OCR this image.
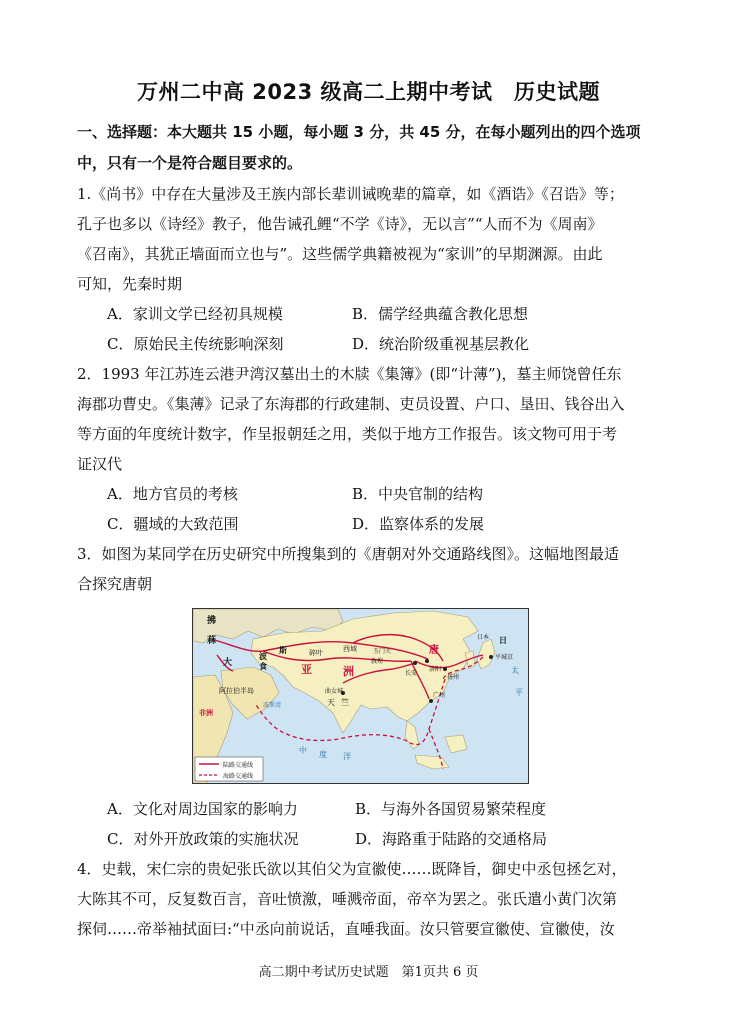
万州二中高 2023 级高二上期中考试　历史试题
一、选择题：本大题共 15 小题，每小题 3 分，共 45 分，在每小题列出的四个选项
中，只有一个是符合题目要求的。
1.《尚书》中存在大量涉及王族内部长辈训诫晚辈的篇章，如《酒诰》《召诰》等；
孔子也多以《诗经》教子，他告诫孔鲤“不学《诗》，无以言”“人而不为《周南》
《召南》，其犹正墙面而立也与”。这些儒学典籍被视为“家训”的早期渊源。由此
可知，先秦时期
A．家训文学已经初具规模	B．儒学经典蕴含教化思想
C．原始民主传统影响深刻	D．统治阶级重视基层教化
2．1993 年江苏连云港尹湾汉墓出土的木牍《集簿》(即“计薄”)，墓主师饶曾任东
海郡功曹史。《集薄》记录了东海郡的行政建制、吏员设置、户口、垦田、钱谷出入
等方面的年度统计数字，作呈报朝廷之用，类似于地方工作报告。该文物可用于考
证汉代
A．地方官员的考核	B．中央官制的结构
C．疆域的大致范围	D．监察体系的发展
3．如图为某同学在历史研究中所搜集到的《唐朝对外交通路线图》。这幅地图最适
合探究唐朝
拂
菻
大
波
斯
食
碎叶	西域	玉门关
敦煌
亚	洲
唐
长安
洛阳
扬州
广州
日本 日
平城京
太
平
阿拉伯半岛
非洲
波斯湾
曲女城
天 竺
中 度 洋
陆路交通线
海路交通线
A．文化对周边国家的影响力	B．与海外各国贸易繁荣程度
C．对外开放政策的实施状况	D．海路重于陆路的交通格局
4．史载，宋仁宗的贵妃张氏欲以其伯父为宣徽使……既降旨，御史中丞包拯乞对，
大陈其不可，反复数百言，音吐愤激，唾溅帝面，帝卒为罢之。张氏遣小黄门次第
探伺……帝举袖拭面曰:“中丞向前说话，直唾我面。汝只管要宣徽使、宣徽使，汝
高二期中考试历史试题　第1页共 6 页
